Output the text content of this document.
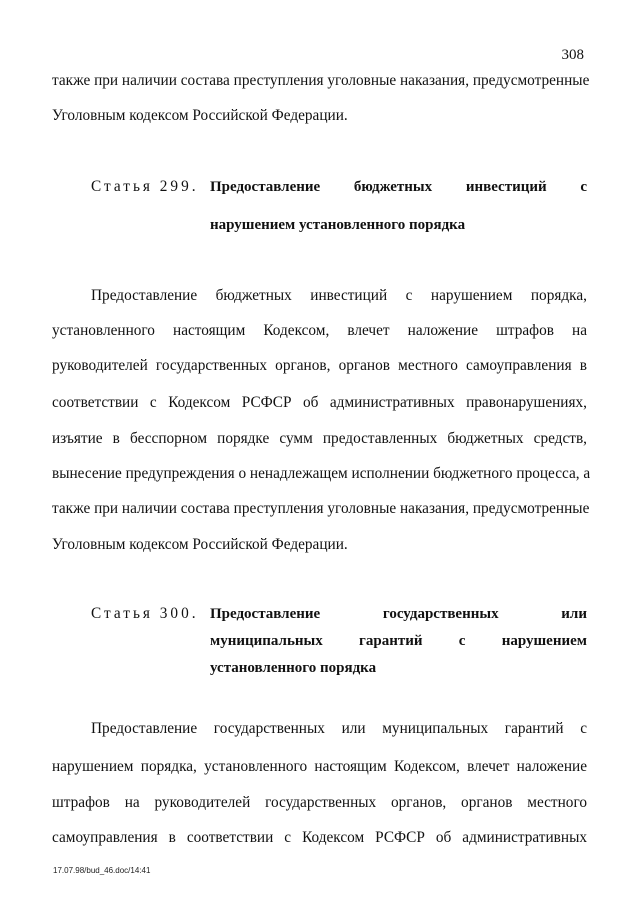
308
также при наличии состава преступления уголовные наказания, предусмотренные
Уголовным кодексом Российской Федерации.
Статья 299. Предоставление бюджетных инвестиций с
нарушением установленного порядка
Предоставление бюджетных инвестиций с нарушением порядка,
установленного настоящим Кодексом, влечет наложение штрафов на
руководителей государственных органов, органов местного самоуправления в
соответствии с Кодексом РСФСР об административных правонарушениях,
изъятие в бесспорном порядке сумм предоставленных бюджетных средств,
вынесение предупреждения о ненадлежащем исполнении бюджетного процесса, а
также при наличии состава преступления уголовные наказания, предусмотренные
Уголовным кодексом Российской Федерации.
Статья 300. Предоставление государственных или
муниципальных гарантий с нарушением
установленного порядка
Предоставление государственных или муниципальных гарантий с
нарушением порядка, установленного настоящим Кодексом, влечет наложение
штрафов на руководителей государственных органов, органов местного
самоуправления в соответствии с Кодексом РСФСР об административных
17.07.98/bud_46.doc/14:41
